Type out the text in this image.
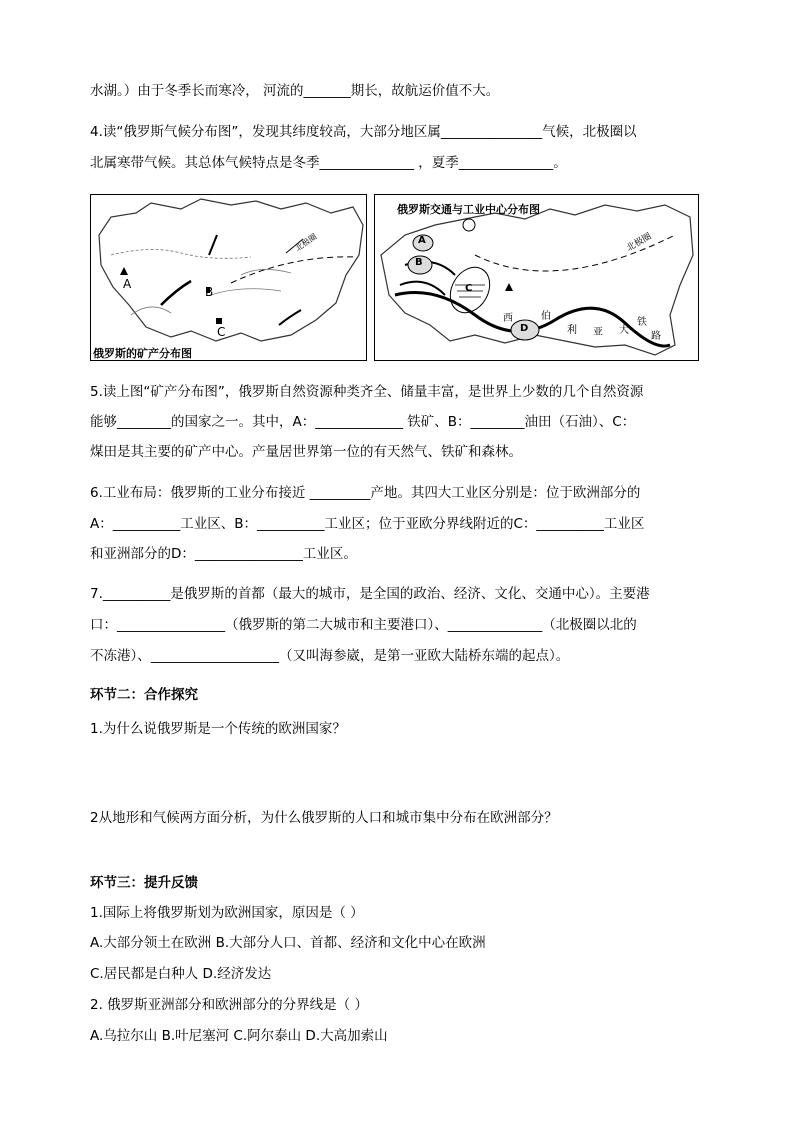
水湖。）由于冬季长而寒冷， 河流的_______期长，故航运价值不大。
4.读“俄罗斯气候分布图”，发现其纬度较高，大部分地区属_______________气候，北极圈以
北属寒带气候。其总体气候特点是冬季______________ ，夏季______________。
北极圈
A
B
C
俄罗斯的矿产分布图
俄罗斯交通与工业中心分布图
北极圈
A
B
C
D
西	伯
利 亚 大
铁
路
5.读上图“矿产分布图”，俄罗斯自然资源种类齐全、储量丰富，是世界上少数的几个自然资源
能够________的国家之一。其中，A：_____________ 铁矿、B：________油田（石油）、C：
煤田是其主要的矿产中心。产量居世界第一位的有天然气、铁矿和森林。
6.工业布局：俄罗斯的工业分布接近 _________产地。其四大工业区分别是：位于欧洲部分的
A：__________工业区、B：__________工业区；位于亚欧分界线附近的C：__________工业区
和亚洲部分的D：________________工业区。
7.__________是俄罗斯的首都（最大的城市，是全国的政治、经济、文化、交通中心）。主要港
口：________________（俄罗斯的第二大城市和主要港口）、______________（北极圈以北的
不冻港）、___________________（又叫海参崴，是第一亚欧大陆桥东端的起点）。
环节二：合作探究
1.为什么说俄罗斯是一个传统的欧洲国家？
2从地形和气候两方面分析，为什么俄罗斯的人口和城市集中分布在欧洲部分？
环节三：提升反馈
1.国际上将俄罗斯划为欧洲国家，原因是（ ）
A.大部分领土在欧洲 B.大部分人口、首都、经济和文化中心在欧洲
C.居民都是白种人 D.经济发达
2. 俄罗斯亚洲部分和欧洲部分的分界线是（ ）
A.乌拉尔山 B.叶尼塞河 C.阿尔泰山 D.大高加索山
